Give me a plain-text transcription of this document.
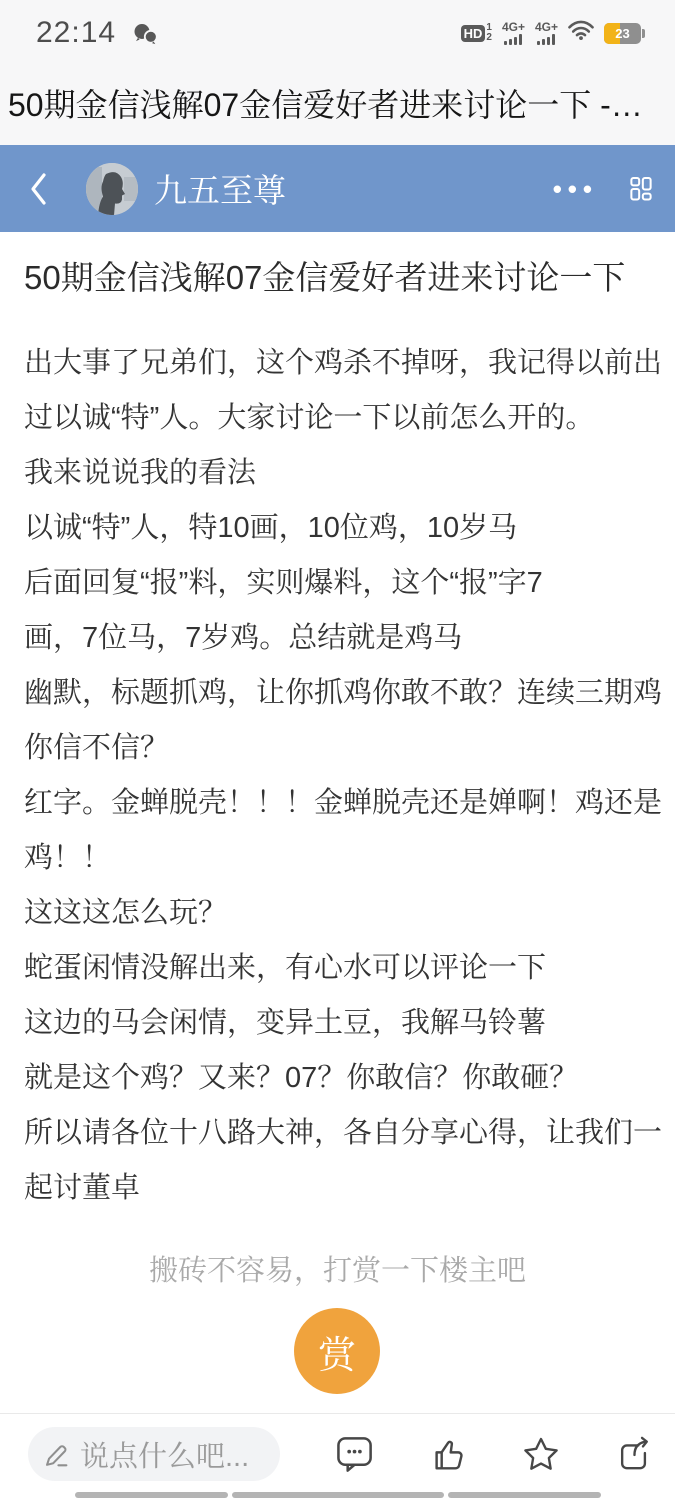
22:14	HD 1
2
4G+ 4G+	23
50期金信浅解07金信爱好者进来讨论一下 -…
九五至尊	•••
50期金信浅解07金信爱好者进来讨论一下
出大事了兄弟们，这个鸡杀不掉呀，我记得以前出
过以诚“特”人。大家讨论一下以前怎么开的。
我来说说我的看法
以诚“特”人，特10画，10位鸡，10岁马
后面回复“报”料，实则爆料，这个“报”字7
画，7位马，7岁鸡。总结就是鸡马
幽默，标题抓鸡，让你抓鸡你敢不敢？连续三期鸡
你信不信？
红字。金蝉脱壳！！！金蝉脱壳还是婵啊！鸡还是
鸡！！
这这这怎么玩？
蛇蛋闲情没解出来，有心水可以评论一下
这边的马会闲情，变异土豆，我解马铃薯
就是这个鸡？又来？07？你敢信？你敢砸？
所以请各位十八路大神，各自分享心得，让我们一
起讨董卓
搬砖不容易，打赏一下楼主吧
赏
说点什么吧...
